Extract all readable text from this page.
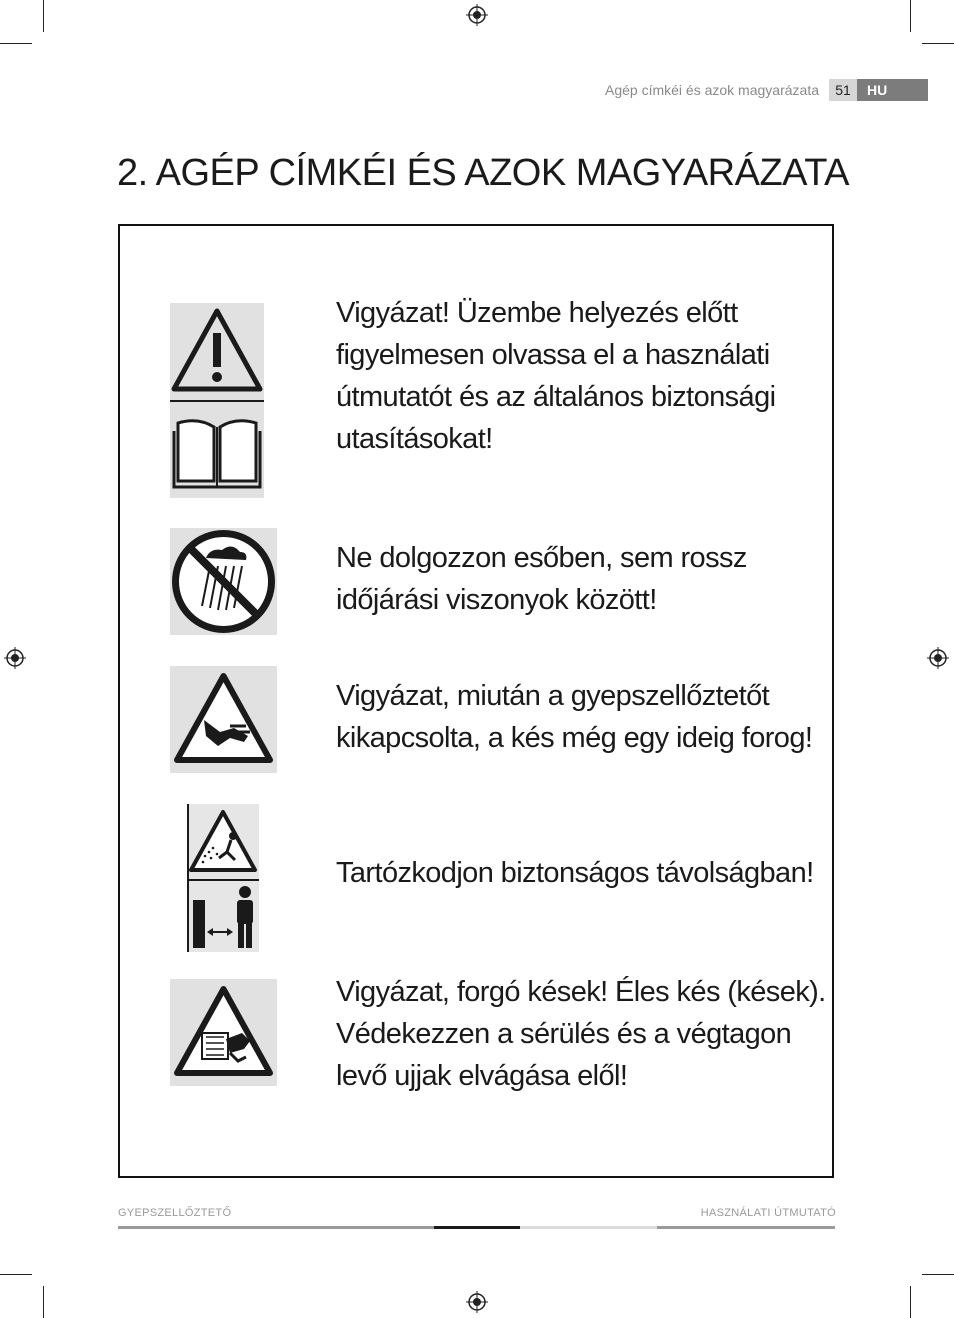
Agép címkéi és azok magyarázata	51	HU
2. AGÉP CÍMKÉI ÉS AZOK MAGYARÁZATA
Vigyázat! Üzembe helyezés előtt figyelmesen olvassa el a használati útmutatót és az általános biztonsági utasításokat!
Ne dolgozzon esőben, sem rossz időjárási viszonyok között!
Vigyázat, miután a gyepszellőztetőt kikapcsolta, a kés még egy ideig forog!
Tartózkodjon biztonságos távolságban!
Vigyázat, forgó kések! Éles kés (kések). Védekezzen a sérülés és a végtagon levő ujjak elvágása elől!
GYEPSZELLŐZTETŐ	HASZNÁLATI ÚTMUTATÓ
